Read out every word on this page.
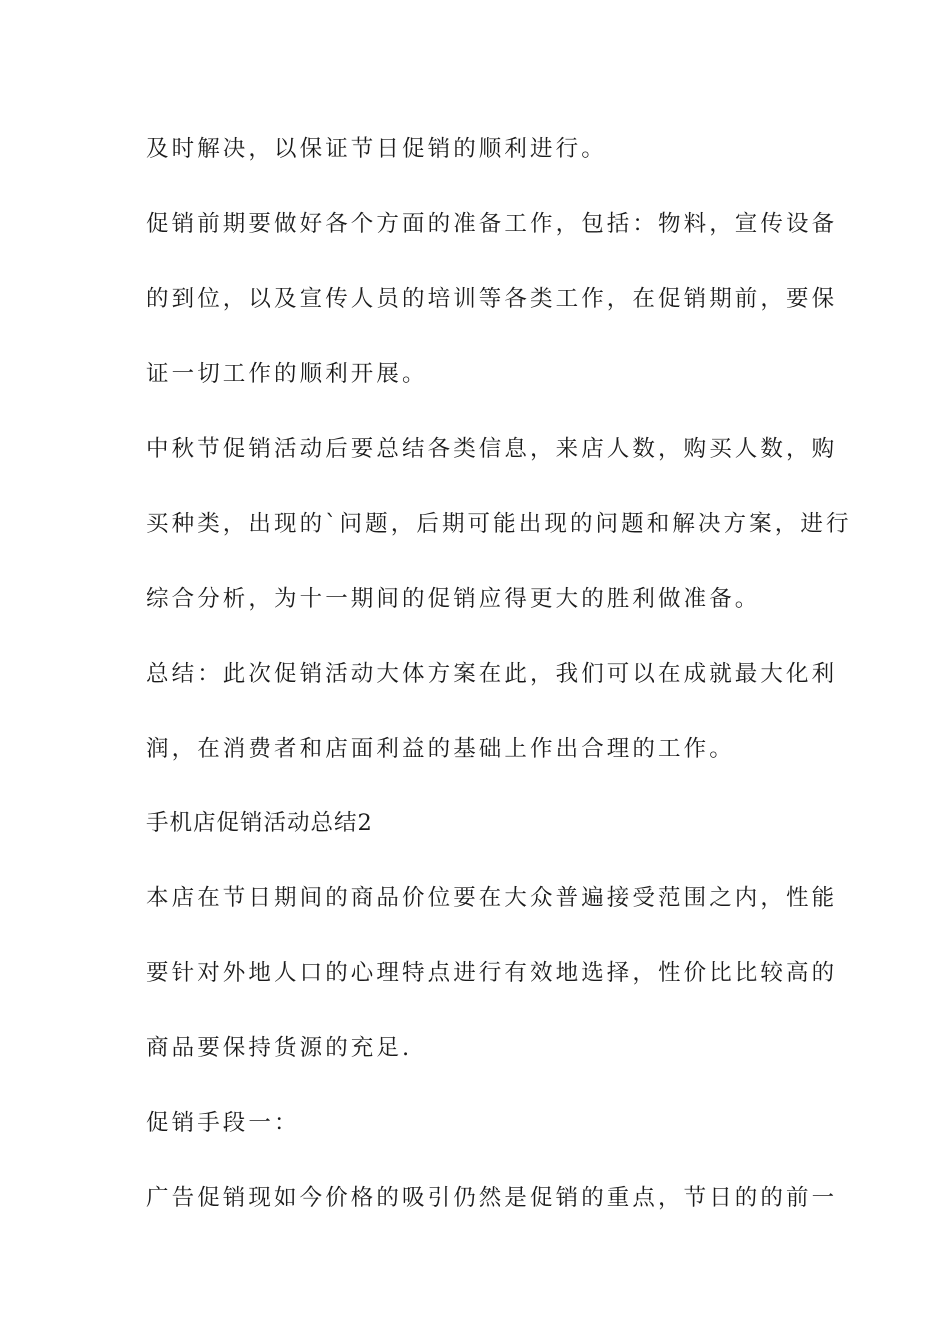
及时解决，以保证节日促销的顺利进行。
促销前期要做好各个方面的准备工作，包括：物料，宣传设备
的到位，以及宣传人员的培训等各类工作，在促销期前，要保
证一切工作的顺利开展。
中秋节促销活动后要总结各类信息，来店人数，购买人数，购
买种类，出现的`问题，后期可能出现的问题和解决方案，进行
综合分析，为十一期间的促销应得更大的胜利做准备。
总结：此次促销活动大体方案在此，我们可以在成就最大化利
润，在消费者和店面利益的基础上作出合理的工作。
手机店促销活动总结2
本店在节日期间的商品价位要在大众普遍接受范围之内，性能
要针对外地人口的心理特点进行有效地选择，性价比比较高的
商品要保持货源的充足.
促销手段一：
广告促销现如今价格的吸引仍然是促销的重点，节日的的前一
